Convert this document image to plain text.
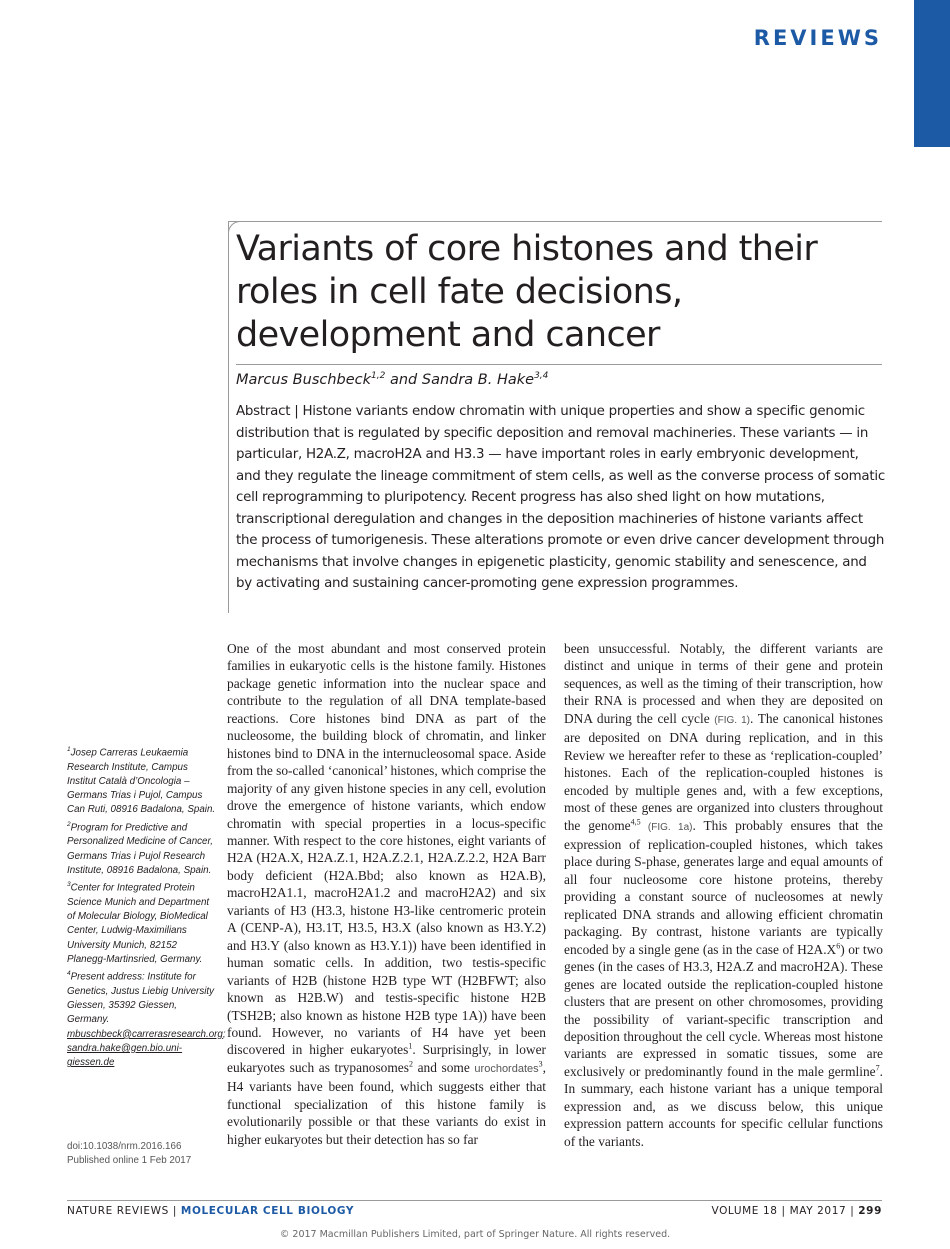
REVIEWS
Variants of core histones and their roles in cell fate decisions, development and cancer
Marcus Buschbeck$^{1,2}$ and Sandra B. Hake$^{3,4}$
Abstract | Histone variants endow chromatin with unique properties and show a specific genomic distribution that is regulated by specific deposition and removal machineries. These variants — in particular, H2A.Z, macroH2A and H3.3 — have important roles in early embryonic development, and they regulate the lineage commitment of stem cells, as well as the converse process of somatic cell reprogramming to pluripotency. Recent progress has also shed light on how mutations, transcriptional deregulation and changes in the deposition machineries of histone variants affect the process of tumorigenesis. These alterations promote or even drive cancer development through mechanisms that involve changes in epigenetic plasticity, genomic stability and senescence, and by activating and sustaining cancer-promoting gene expression programmes.
One of the most abundant and most conserved protein families in eukaryotic cells is the histone family. Histones package genetic information into the nuclear space and contribute to the regulation of all DNA template-based reactions. Core histones bind DNA as part of the nucleosome, the building block of chromatin, and linker histones bind to DNA in the internucleosomal space. Aside from the so-called ‘canonical’ histones, which comprise the majority of any given histone species in any cell, evolution drove the emergence of histone variants, which endow chromatin with special properties in a locus-specific manner. With respect to the core histones, eight variants of H2A (H2A.X, H2A.Z.1, H2A.Z.2.1, H2A.Z.2.2, H2A Barr body deficient (H2A.Bbd; also known as H2A.B), macroH2A1.1, macroH2A1.2 and macroH2A2) and six variants of H3 (H3.3, histone H3-like centromeric protein A (CENP-A), H3.1T, H3.5, H3.X (also known as H3.Y.2) and H3.Y (also known as H3.Y.1)) have been identified in human somatic cells. In addition, two testis-specific variants of H2B (histone H2B type WT (H2BFWT; also known as H2B.W) and testis-specific histone H2B (TSH2B; also known as histone H2B type 1A)) have been found. However, no variants of H4 have yet been discovered in higher eukaryotes$^1$. Surprisingly, in lower eukaryotes such as trypanosomes$^2$ and some urochordates$^3$, H4 variants have been found, which suggests either that functional specialization of this histone family is evolutionarily possible or that these variants do exist in higher eukaryotes but their detection has so far
been unsuccessful. Notably, the different variants are distinct and unique in terms of their gene and protein sequences, as well as the timing of their transcription, how their RNA is processed and when they are deposited on DNA during the cell cycle (FIG. 1). The canonical histones are deposited on DNA during replication, and in this Review we hereafter refer to these as ‘replication-coupled’ histones. Each of the replication-coupled histones is encoded by multiple genes and, with a few exceptions, most of these genes are organized into clusters throughout the genome$^{4,5}$ (FIG. 1a). This probably ensures that the expression of replication-coupled histones, which takes place during S-phase, generates large and equal amounts of all four nucleosome core histone proteins, thereby providing a constant source of nucleosomes at newly replicated DNA strands and allowing efficient chromatin packaging. By contrast, histone variants are typically encoded by a single gene (as in the case of $H2A.X^6$) or two genes (in the cases of H3.3, H2A.Z and macroH2A). These genes are located outside the replication-coupled histone clusters that are present on other chromosomes, providing the possibility of variant-specific transcription and deposition throughout the cell cycle. Whereas most histone variants are expressed in somatic tissues, some are exclusively or predominantly found in the male germline$^7$. In summary, each histone variant has a unique temporal expression and, as we discuss below, this unique expression pattern accounts for specific cellular functions of the variants.

$^1$Josep Carreras Leukaemia Research Institute, Campus Institut Català d’Oncologia – Germans Trias i Pujol, Campus Can Ruti, 08916 Badalona, Spain.

$^2$Program for Predictive and Personalized Medicine of Cancer, Germans Trias i Pujol Research Institute, 08916 Badalona, Spain.

$^3$Center for Integrated Protein Science Munich and Department of Molecular Biology, BioMedical Center, Ludwig-Maximilians University Munich, 82152 Planegg-Martinsried, Germany.

$^4$Present address: Institute for Genetics, Justus Liebig University Giessen, 35392 Giessen, Germany.

mbuschbeck@carrerasresearch.org;
sandra.hake@gen.bio.uni-giessen.de

doi:10.1038/nrm.2016.166
Published online 1 Feb 2017
NATURE REVIEWS | MOLECULAR CELL BIOLOGY	VOLUME 18 | MAY 2017 | 299
© 2017 Macmillan Publishers Limited, part of Springer Nature. All rights reserved.
